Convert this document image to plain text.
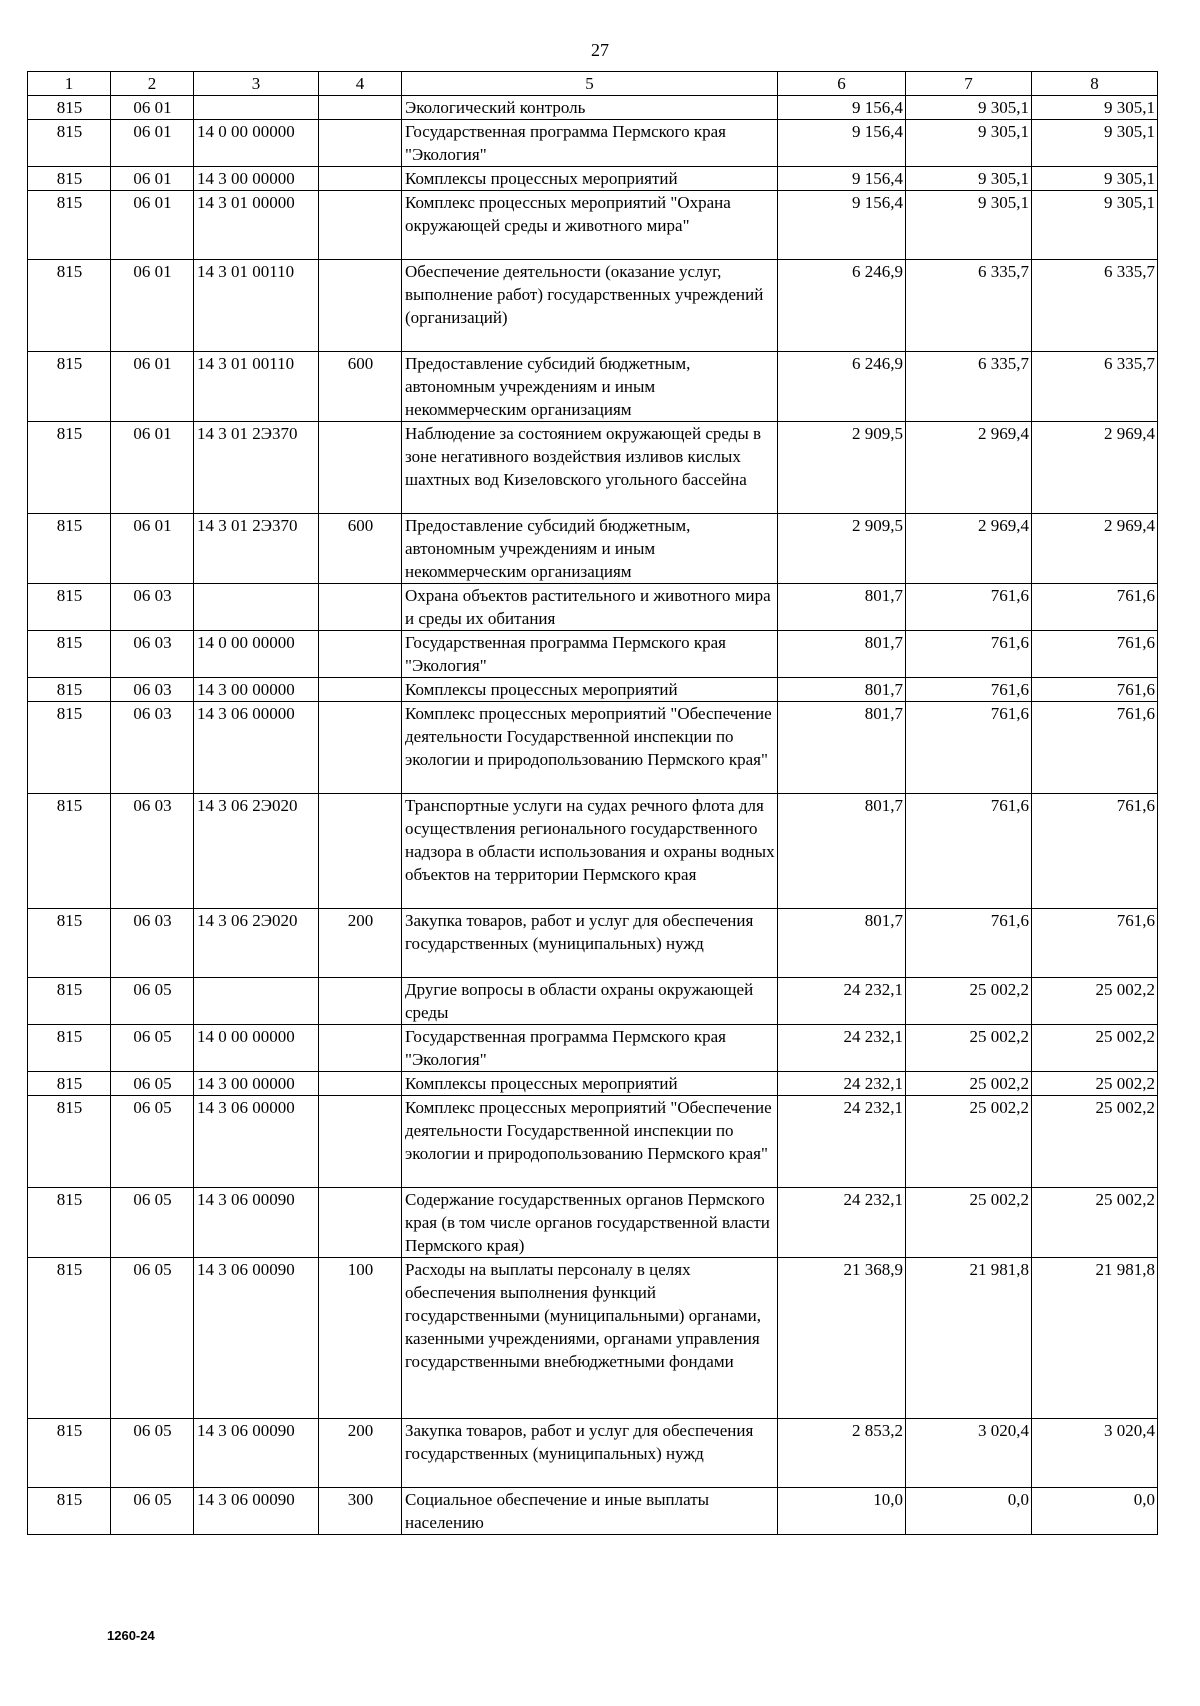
27
1	2	3	4	5	6	7	8
815	06 01			Экологический контроль	9 156,4	9 305,1	9 305,1
815	06 01	14 0 00 00000		Государственная программа Пермского края "Экология"	9 156,4	9 305,1	9 305,1
815	06 01	14 3 00 00000		Комплексы процессных мероприятий	9 156,4	9 305,1	9 305,1
815	06 01	14 3 01 00000		Комплекс процессных мероприятий "Охрана окружающей среды и животного мира"	9 156,4	9 305,1	9 305,1
815	06 01	14 3 01 00110		Обеспечение деятельности (оказание услуг, выполнение работ) государственных учреждений (организаций)	6 246,9	6 335,7	6 335,7
815	06 01	14 3 01 00110	600	Предоставление субсидий бюджетным, автономным учреждениям и иным некоммерческим организациям	6 246,9	6 335,7	6 335,7
815	06 01	14 3 01 2Э370		Наблюдение за состоянием окружающей среды в зоне негативного воздействия изливов кислых шахтных вод Кизеловского угольного бассейна	2 909,5	2 969,4	2 969,4
815	06 01	14 3 01 2Э370	600	Предоставление субсидий бюджетным, автономным учреждениям и иным некоммерческим организациям	2 909,5	2 969,4	2 969,4
815	06 03			Охрана объектов растительного и животного мира и среды их обитания	801,7	761,6	761,6
815	06 03	14 0 00 00000		Государственная программа Пермского края "Экология"	801,7	761,6	761,6
815	06 03	14 3 00 00000		Комплексы процессных мероприятий	801,7	761,6	761,6
815	06 03	14 3 06 00000		Комплекс процессных мероприятий "Обеспечение деятельности Государственной инспекции по экологии и природопользованию Пермского края"	801,7	761,6	761,6
815	06 03	14 3 06 2Э020		Транспортные услуги на судах речного флота для осуществления регионального государственного надзора в области использования и охраны водных объектов на территории Пермского края	801,7	761,6	761,6
815	06 03	14 3 06 2Э020	200	Закупка товаров, работ и услуг для обеспечения государственных (муниципальных) нужд	801,7	761,6	761,6
815	06 05			Другие вопросы в области охраны окружающей среды	24 232,1	25 002,2	25 002,2
815	06 05	14 0 00 00000		Государственная программа Пермского края "Экология"	24 232,1	25 002,2	25 002,2
815	06 05	14 3 00 00000		Комплексы процессных мероприятий	24 232,1	25 002,2	25 002,2
815	06 05	14 3 06 00000		Комплекс процессных мероприятий "Обеспечение деятельности Государственной инспекции по экологии и природопользованию Пермского края"	24 232,1	25 002,2	25 002,2
815	06 05	14 3 06 00090		Содержание государственных органов Пермского края (в том числе органов государственной власти Пермского края)	24 232,1	25 002,2	25 002,2
815	06 05	14 3 06 00090	100	Расходы на выплаты персоналу в целях обеспечения выполнения функций государственными (муниципальными) органами, казенными учреждениями, органами управления государственными внебюджетными фондами	21 368,9	21 981,8	21 981,8
815	06 05	14 3 06 00090	200	Закупка товаров, работ и услуг для обеспечения государственных (муниципальных) нужд	2 853,2	3 020,4	3 020,4
815	06 05	14 3 06 00090	300	Социальное обеспечение и иные выплаты населению	10,0	0,0	0,0
1260-24
